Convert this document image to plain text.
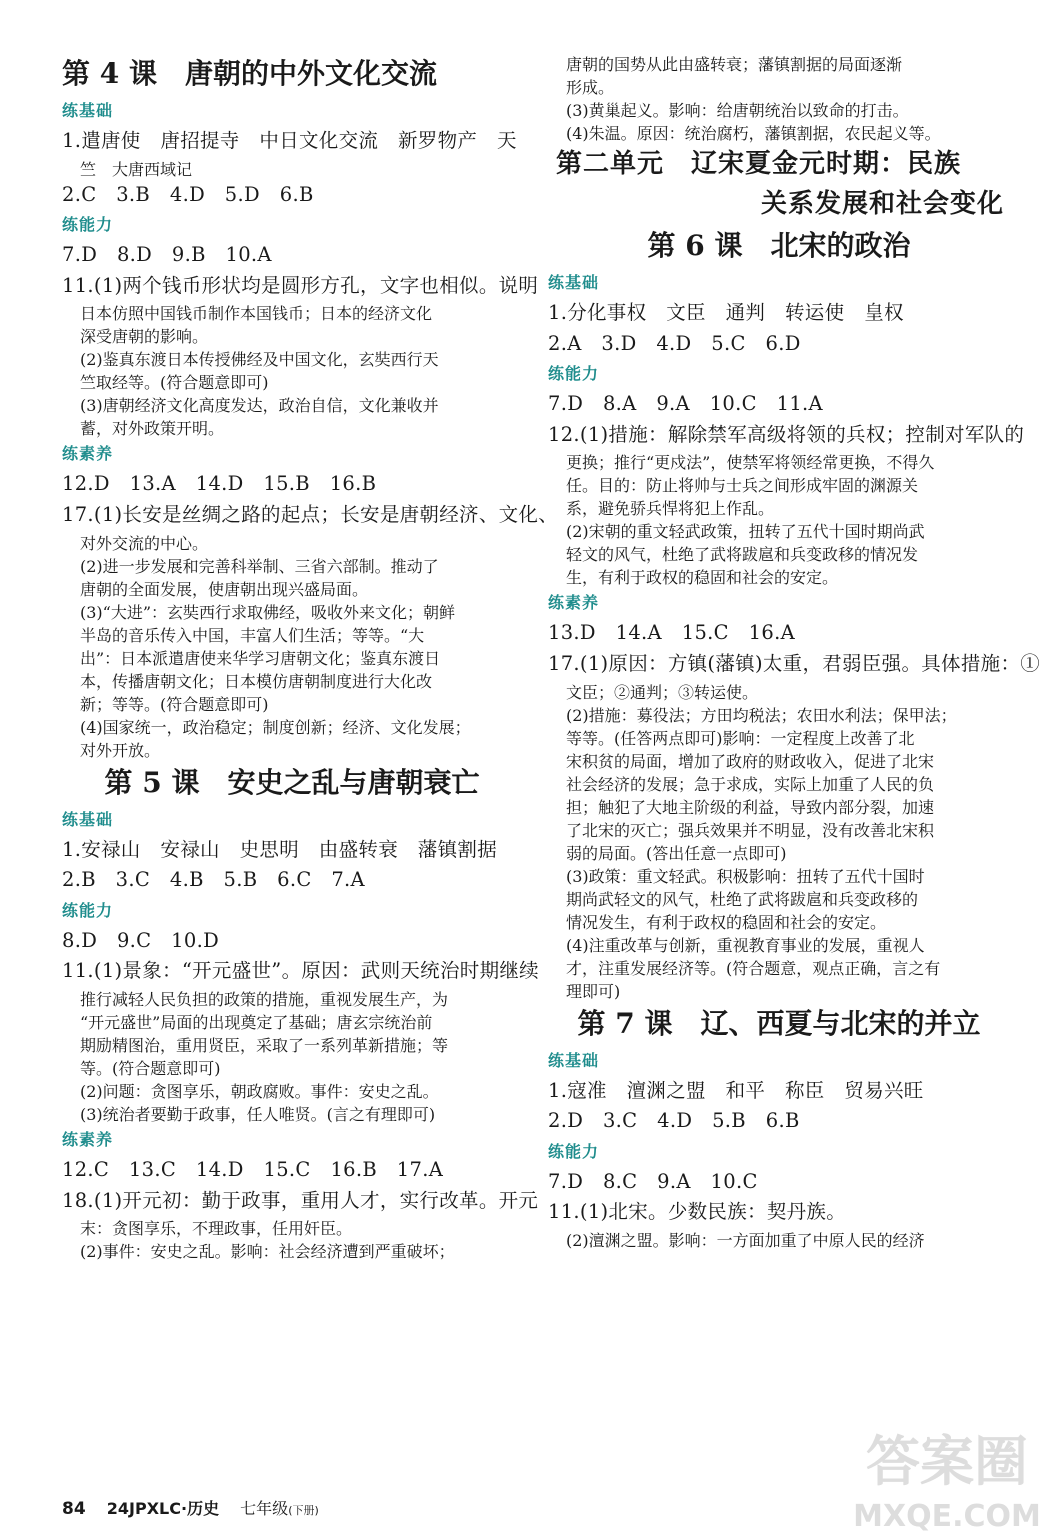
第 4 课　唐朝的中外文化交流
练基础
1.遣唐使　唐招提寺　中日文化交流　新罗物产　天
竺　大唐西域记
2.C　3.B　4.D　5.D　6.B
练能力
7.D　8.D　9.B　10.A
11.(1)两个钱币形状均是圆形方孔，文字也相似。说明
日本仿照中国钱币制作本国钱币；日本的经济文化
深受唐朝的影响。
(2)鉴真东渡日本传授佛经及中国文化，玄奘西行天
竺取经等。(符合题意即可)
(3)唐朝经济文化高度发达，政治自信，文化兼收并
蓄，对外政策开明。
练素养
12.D　13.A　14.D　15.B　16.B
17.(1)长安是丝绸之路的起点；长安是唐朝经济、文化、
对外交流的中心。
(2)进一步发展和完善科举制、三省六部制。推动了
唐朝的全面发展，使唐朝出现兴盛局面。
(3)“大进”：玄奘西行求取佛经，吸收外来文化；朝鲜
半岛的音乐传入中国，丰富人们生活；等等。“大
出”：日本派遣唐使来华学习唐朝文化；鉴真东渡日
本，传播唐朝文化；日本模仿唐朝制度进行大化改
新；等等。(符合题意即可)
(4)国家统一，政治稳定；制度创新；经济、文化发展；
对外开放。
第 5 课　安史之乱与唐朝衰亡
练基础
1.安禄山　安禄山　史思明　由盛转衰　藩镇割据
2.B　3.C　4.B　5.B　6.C　7.A
练能力
8.D　9.C　10.D
11.(1)景象：“开元盛世”。原因：武则天统治时期继续
推行减轻人民负担的政策的措施，重视发展生产，为
“开元盛世”局面的出现奠定了基础；唐玄宗统治前
期励精图治，重用贤臣，采取了一系列革新措施；等
等。(符合题意即可)
(2)问题：贪图享乐，朝政腐败。事件：安史之乱。
(3)统治者要勤于政事，任人唯贤。(言之有理即可)
练素养
12.C　13.C　14.D　15.C　16.B　17.A
18.(1)开元初：勤于政事，重用人才，实行改革。开元
末：贪图享乐，不理政事，任用奸臣。
(2)事件：安史之乱。影响：社会经济遭到严重破坏；
唐朝的国势从此由盛转衰；藩镇割据的局面逐渐
形成。
(3)黄巢起义。影响：给唐朝统治以致命的打击。
(4)朱温。原因：统治腐朽，藩镇割据，农民起义等。
第二单元　辽宋夏金元时期：民族
关系发展和社会变化
第 6 课　北宋的政治
练基础
1.分化事权　文臣　通判　转运使　皇权
2.A　3.D　4.D　5.C　6.D
练能力
7.D　8.A　9.A　10.C　11.A
12.(1)措施：解除禁军高级将领的兵权；控制对军队的
更换；推行“更戍法”，使禁军将领经常更换，不得久
任。目的：防止将帅与士兵之间形成牢固的渊源关
系，避免骄兵悍将犯上作乱。
(2)宋朝的重文轻武政策，扭转了五代十国时期尚武
轻文的风气，杜绝了武将跋扈和兵变政移的情况发
生，有利于政权的稳固和社会的安定。
练素养
13.D　14.A　15.C　16.A
17.(1)原因：方镇(藩镇)太重，君弱臣强。具体措施：①
文臣；②通判；③转运使。
(2)措施：募役法；方田均税法；农田水利法；保甲法；
等等。(任答两点即可)影响：一定程度上改善了北
宋积贫的局面，增加了政府的财政收入，促进了北宋
社会经济的发展；急于求成，实际上加重了人民的负
担；触犯了大地主阶级的利益，导致内部分裂，加速
了北宋的灭亡；强兵效果并不明显，没有改善北宋积
弱的局面。(答出任意一点即可)
(3)政策：重文轻武。积极影响：扭转了五代十国时
期尚武轻文的风气，杜绝了武将跋扈和兵变政移的
情况发生，有利于政权的稳固和社会的安定。
(4)注重改革与创新，重视教育事业的发展，重视人
才，注重发展经济等。(符合题意，观点正确，言之有
理即可)
第 7 课　辽、西夏与北宋的并立
练基础
1.寇准　澶渊之盟　和平　称臣　贸易兴旺
2.D　3.C　4.D　5.B　6.B
练能力
7.D　8.C　9.A　10.C
11.(1)北宋。少数民族：契丹族。
(2)澶渊之盟。影响：一方面加重了中原人民的经济
84 24JPXLC·历史 七年级(下册)
答案圈
MXQE.COM
